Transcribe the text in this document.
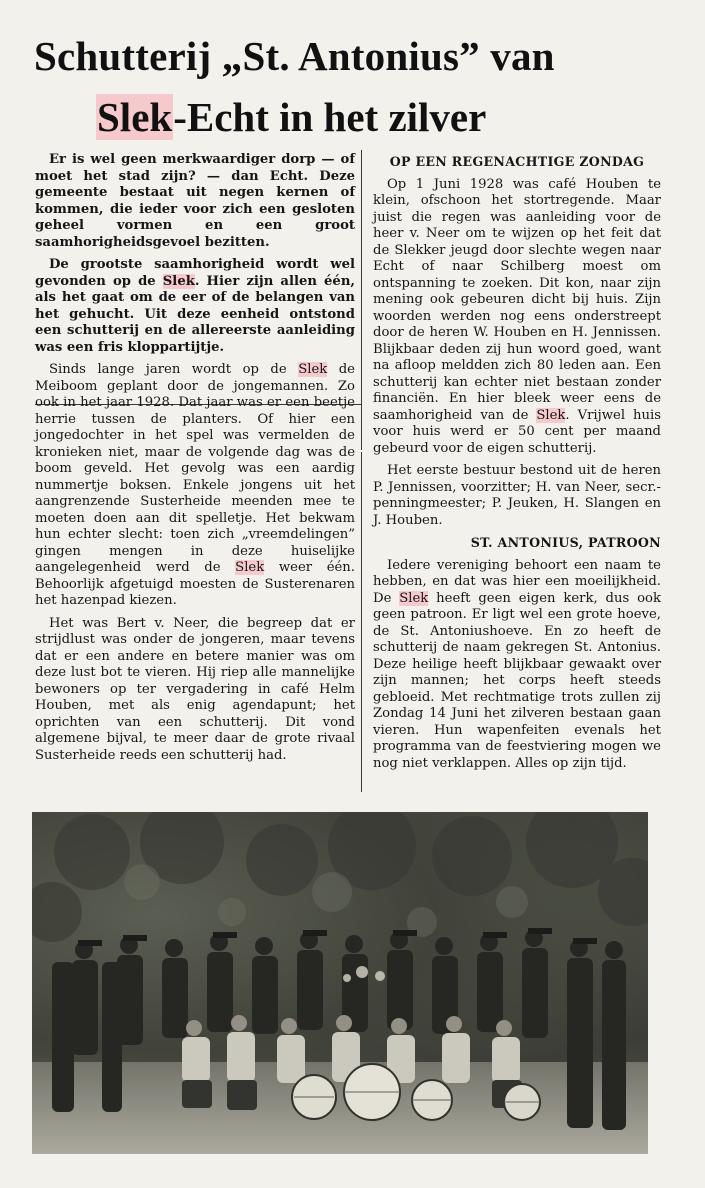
Schutterij „St. Antonius” van
Slek-Echt in het zilver

Er is wel geen merkwaardiger dorp — of moet het stad zijn? — dan Echt. Deze gemeente bestaat uit negen kernen of kommen, die ieder voor zich een gesloten geheel vormen en een groot saamhorigheidsgevoel bezitten.

De grootste saamhorigheid wordt wel gevonden op de Slek. Hier zijn allen één, als het gaat om de eer of de belangen van het gehucht. Uit deze eenheid ontstond een schutterij en de allereerste aanleiding was een fris kloppartijtje.

Sinds lange jaren wordt op de Slek de Meiboom geplant door de jongemannen. Zo ook in het jaar 1928. Dat jaar was er een beetje herrie tussen de planters. Of hier een jongedochter in het spel was vermelden de kronieken niet, maar de volgende dag was de boom geveld. Het gevolg was een aardig nummertje boksen. Enkele jongens uit het aangrenzende Susterheide meenden mee te moeten doen aan dit spelletje. Het bekwam hun echter slecht: toen zich „vreemdelingen” gingen mengen in deze huiselijke aangelegenheid werd de Slek weer één. Behoorlijk afgetuigd moesten de Susterenaren het hazenpad kiezen.

Het was Bert v. Neer, die begreep dat er strijdlust was onder de jongeren, maar tevens dat er een andere en betere manier was om deze lust bot te vieren. Hij riep alle mannelijke bewoners op ter vergadering in café Helm Houben, met als enig agendapunt; het oprichten van een schutterij. Dit vond algemene bijval, te meer daar de grote rivaal Susterheide reeds een schutterij had.

OP EEN REGENACHTIGE ZONDAG

Op 1 Juni 1928 was café Houben te klein, ofschoon het stortregende. Maar juist die regen was aanleiding voor de heer v. Neer om te wijzen op het feit dat de Slekker jeugd door slechte wegen naar Echt of naar Schilberg moest om ontspanning te zoeken. Dit kon, naar zijn mening ook gebeuren dicht bij huis. Zijn woorden werden nog eens onderstreept door de heren W. Houben en H. Jennissen. Blijkbaar deden zij hun woord goed, want na afloop meldden zich 80 leden aan. Een schutterij kan echter niet bestaan zonder financiën. En hier bleek weer eens de saamhorigheid van de Slek. Vrijwel huis voor huis werd er 50 cent per maand gebeurd voor de eigen schutterij.

Het eerste bestuur bestond uit de heren P. Jennissen, voorzitter; H. van Neer, secr.-penningmeester; P. Jeuken, H. Slangen en J. Houben.

ST. ANTONIUS, PATROON

Iedere vereniging behoort een naam te hebben, en dat was hier een moeilijkheid. De Slek heeft geen eigen kerk, dus ook geen patroon. Er ligt wel een grote hoeve, de St. Antoniushoeve. En zo heeft de schutterij de naam gekregen St. Antonius. Deze heilige heeft blijkbaar gewaakt over zijn mannen; het corps heeft steeds gebloeid. Met rechtmatige trots zullen zij Zondag 14 Juni het zilveren bestaan gaan vieren. Hun wapenfeiten evenals het programma van de feestviering mogen we nog niet verklappen. Alles op zijn tijd.
